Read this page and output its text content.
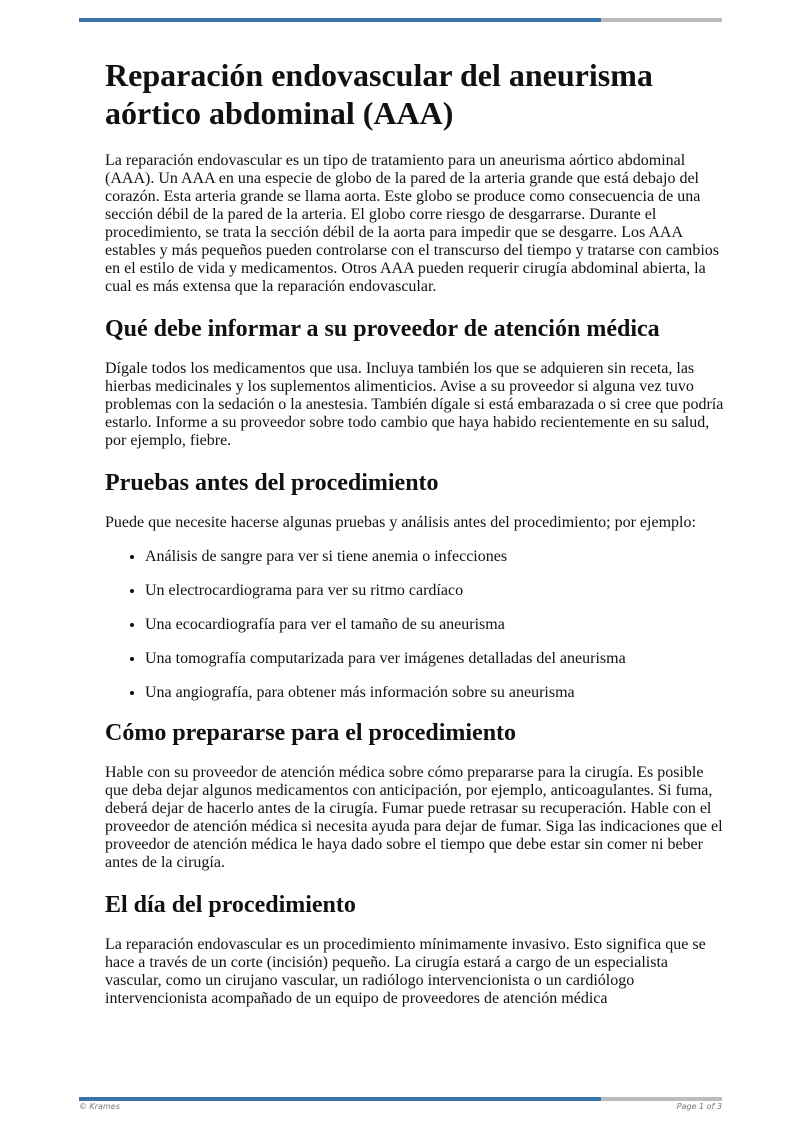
Reparación endovascular del aneurisma aórtico abdominal (AAA)

La reparación endovascular es un tipo de tratamiento para un aneurisma aórtico abdominal (AAA). Un AAA en una especie de globo de la pared de la arteria grande que está debajo del corazón. Esta arteria grande se llama aorta. Este globo se produce como consecuencia de una sección débil de la pared de la arteria. El globo corre riesgo de desgarrarse. Durante el procedimiento, se trata la sección débil de la aorta para impedir que se desgarre. Los AAA estables y más pequeños pueden controlarse con el transcurso del tiempo y tratarse con cambios en el estilo de vida y medicamentos. Otros AAA pueden requerir cirugía abdominal abierta, la cual es más extensa que la reparación endovascular.

Qué debe informar a su proveedor de atención médica

Dígale todos los medicamentos que usa. Incluya también los que se adquieren sin receta, las hierbas medicinales y los suplementos alimenticios. Avise a su proveedor si alguna vez tuvo problemas con la sedación o la anestesia. También dígale si está embarazada o si cree que podría estarlo. Informe a su proveedor sobre todo cambio que haya habido recientemente en su salud, por ejemplo, fiebre.

Pruebas antes del procedimiento

Puede que necesite hacerse algunas pruebas y análisis antes del procedimiento; por ejemplo:

• Análisis de sangre para ver si tiene anemia o infecciones
• Un electrocardiograma para ver su ritmo cardíaco
• Una ecocardiografía para ver el tamaño de su aneurisma
• Una tomografía computarizada para ver imágenes detalladas del aneurisma
• Una angiografía, para obtener más información sobre su aneurisma
Cómo prepararse para el procedimiento

Hable con su proveedor de atención médica sobre cómo prepararse para la cirugía. Es posible que deba dejar algunos medicamentos con anticipación, por ejemplo, anticoagulantes. Si fuma, deberá dejar de hacerlo antes de la cirugía. Fumar puede retrasar su recuperación. Hable con el proveedor de atención médica si necesita ayuda para dejar de fumar. Siga las indicaciones que el proveedor de atención médica le haya dado sobre el tiempo que debe estar sin comer ni beber antes de la cirugía.

El día del procedimiento

La reparación endovascular es un procedimiento mínimamente invasivo. Esto significa que se hace a través de un corte (incisión) pequeño. La cirugía estará a cargo de un especialista vascular, como un cirujano vascular, un radiólogo intervencionista o un cardiólogo intervencionista acompañado de un equipo de proveedores de atención médica

© Krames	Page 1 of 3
